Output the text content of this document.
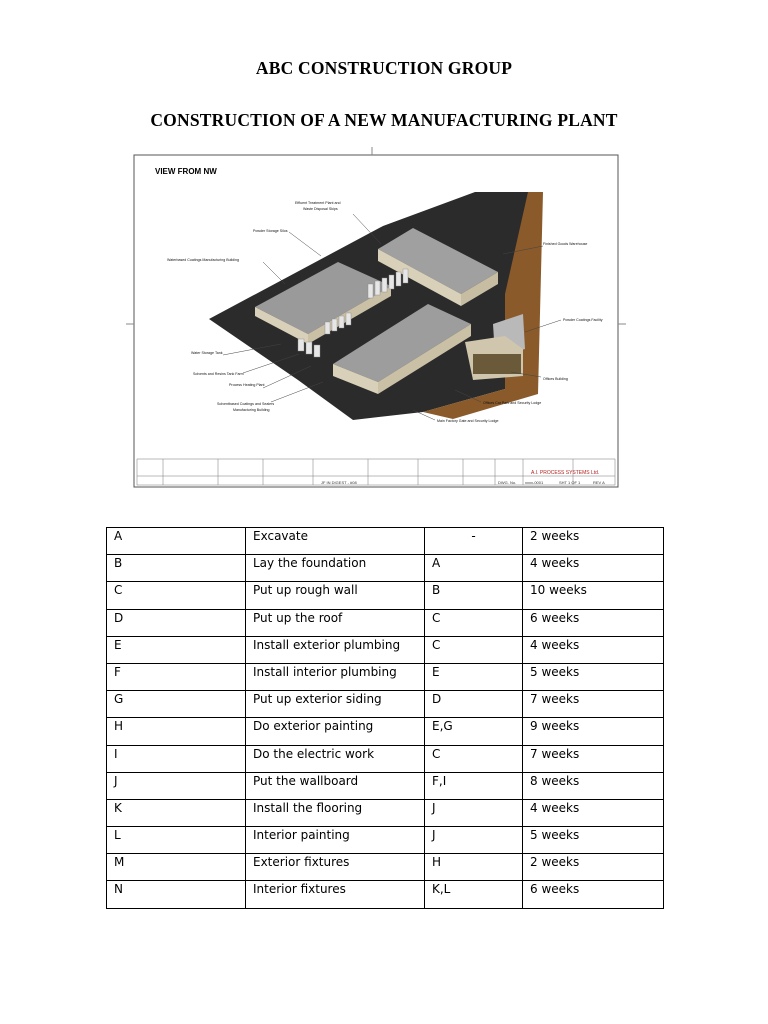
ABC CONSTRUCTION GROUP
CONSTRUCTION OF A NEW MANUFACTURING PLANT
VIEW FROM NW
Effluent Treatment Plant and
Waste Disposal Skips
Powder Storage Silos
Waterbased Coatings Manufacturing Building
Finished Goods Warehouse
Powder Coatings Facility
Water Storage Tank
Solvents and Resins Tank Farm
Process Heating Plant
Solventbased Coatings and Sealers
Manufacturing Building
Offices Building
Offices Car Park and Security Lodge
Main Factory Gate and Security Lodge
JF IN DIGEST - #08
A.I. PROCESS SYSTEMS Ltd.
DWG. No. xxxx-0001	SHT 1 OF 1	REV A
A	Excavate	-	2 weeks
B	Lay the foundation	A	4 weeks
C	Put up rough wall	B	10 weeks
D	Put up the roof	C	6 weeks
E	Install exterior plumbing	C	4 weeks
F	Install interior plumbing	E	5 weeks
G	Put up exterior siding	D	7 weeks
H	Do exterior painting	E,G	9 weeks
I	Do the electric work	C	7 weeks
J	Put the wallboard	F,I	8 weeks
K	Install the flooring	J	4 weeks
L	Interior painting	J	5 weeks
M	Exterior fixtures	H	2 weeks
N	Interior fixtures	K,L	6 weeks
